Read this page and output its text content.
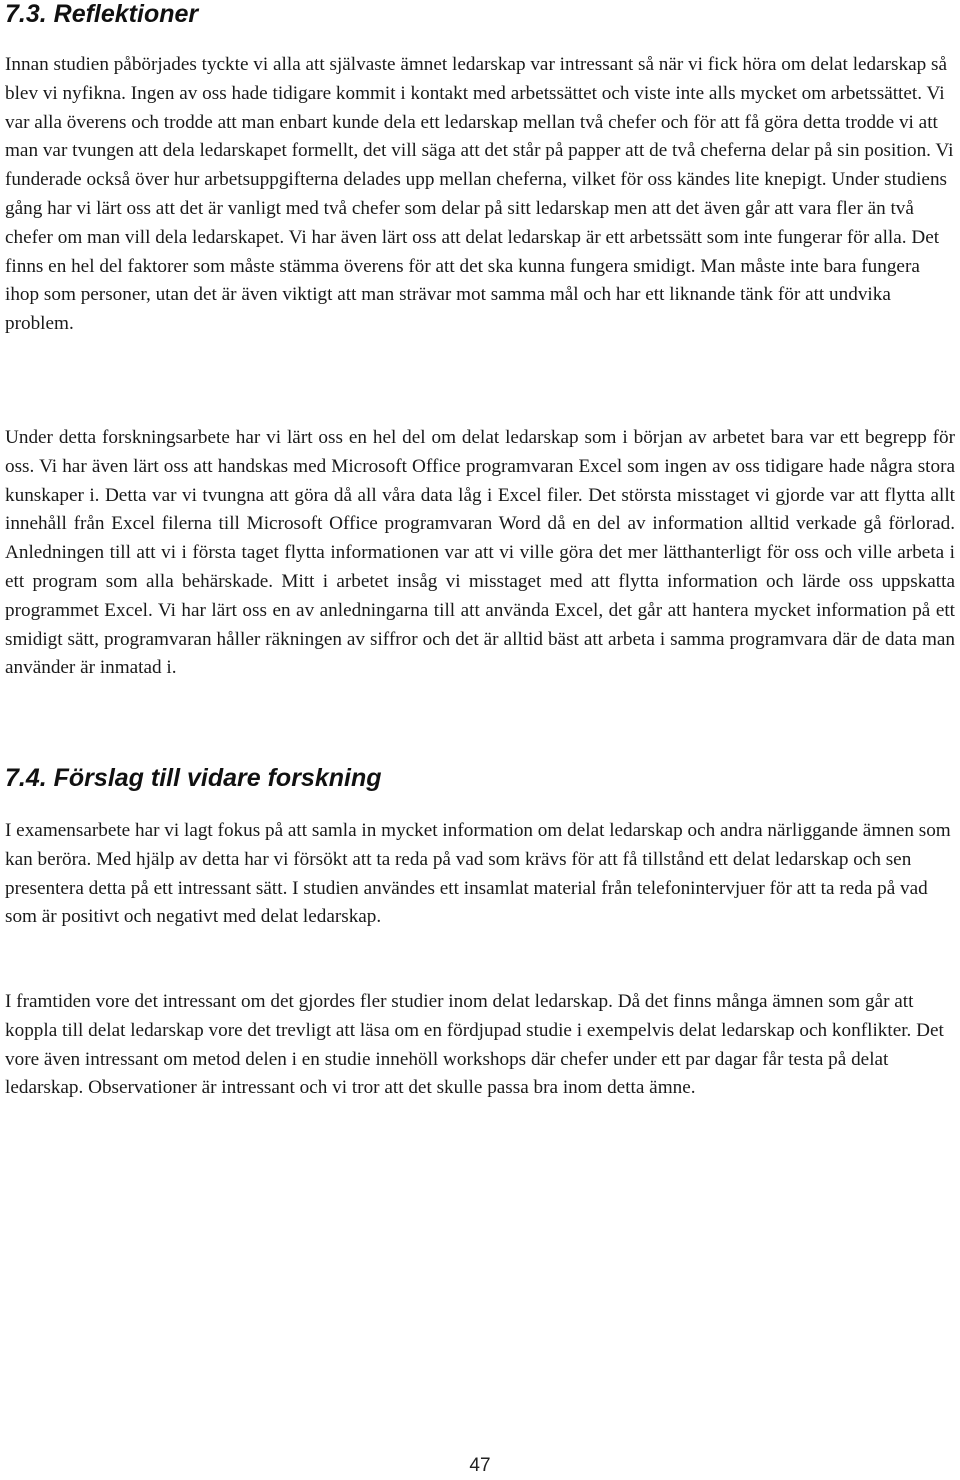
7.3. Reflektioner

Innan studien påbörjades tyckte vi alla att självaste ämnet ledarskap var intressant så när vi fick höra om delat ledarskap så blev vi nyfikna. Ingen av oss hade tidigare kommit i kontakt med arbetssättet och viste inte alls mycket om arbetssättet. Vi var alla överens och trodde att man enbart kunde dela ett ledarskap mellan två chefer och för att få göra detta trodde vi att man var tvungen att dela ledarskapet formellt, det vill säga att det står på papper att de två cheferna delar på sin position. Vi funderade också över hur arbetsuppgifterna delades upp mellan cheferna, vilket för oss kändes lite knepigt. Under studiens gång har vi lärt oss att det är vanligt med två chefer som delar på sitt ledarskap men att det även går att vara fler än två chefer om man vill dela ledarskapet. Vi har även lärt oss att delat ledarskap är ett arbetssätt som inte fungerar för alla. Det finns en hel del faktorer som måste stämma överens för att det ska kunna fungera smidigt. Man måste inte bara fungera ihop som personer, utan det är även viktigt att man strävar mot samma mål och har ett liknande tänk för att undvika problem.

Under detta forskningsarbete har vi lärt oss en hel del om delat ledarskap som i början av arbetet bara var ett begrepp för oss. Vi har även lärt oss att handskas med Microsoft Office programvaran Excel som ingen av oss tidigare hade några stora kunskaper i. Detta var vi tvungna att göra då all våra data låg i Excel filer. Det största misstaget vi gjorde var att flytta allt innehåll från Excel filerna till Microsoft Office programvaran Word då en del av information alltid verkade gå förlorad. Anledningen till att vi i första taget flytta informationen var att vi ville göra det mer lätthanterligt för oss och ville arbeta i ett program som alla behärskade. Mitt i arbetet insåg vi misstaget med att flytta information och lärde oss uppskatta programmet Excel. Vi har lärt oss en av anledningarna till att använda Excel, det går att hantera mycket information på ett smidigt sätt, programvaran håller räkningen av siffror och det är alltid bäst att arbeta i samma programvara där de data man använder är inmatad i.

7.4. Förslag till vidare forskning

I examensarbete har vi lagt fokus på att samla in mycket information om delat ledarskap och andra närliggande ämnen som kan beröra. Med hjälp av detta har vi försökt att ta reda på vad som krävs för att få tillstånd ett delat ledarskap och sen presentera detta på ett intressant sätt. I studien användes ett insamlat material från telefonintervjuer för att ta reda på vad som är positivt och negativt med delat ledarskap.

I framtiden vore det intressant om det gjordes fler studier inom delat ledarskap. Då det finns många ämnen som går att koppla till delat ledarskap vore det trevligt att läsa om en fördjupad studie i exempelvis delat ledarskap och konflikter. Det vore även intressant om metod delen i en studie innehöll workshops där chefer under ett par dagar får testa på delat ledarskap. Observationer är intressant och vi tror att det skulle passa bra inom detta ämne.

47
